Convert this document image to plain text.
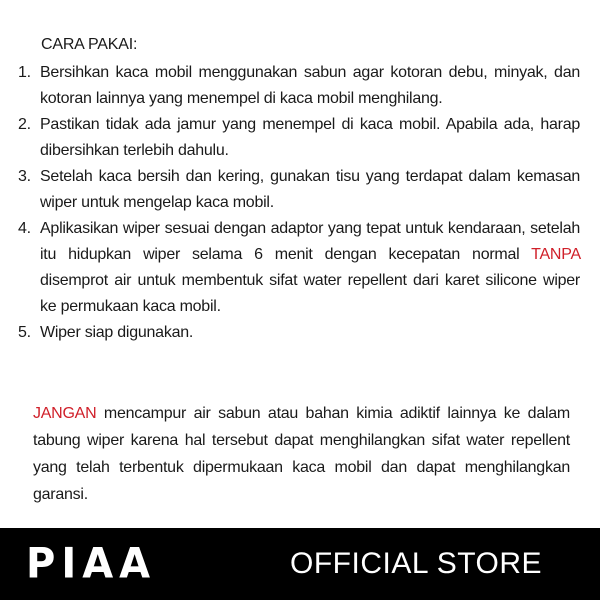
CARA PAKAI:
1. Bersihkan kaca mobil menggunakan sabun agar kotoran debu, minyak, dan kotoran lainnya yang menempel di kaca mobil menghilang.
2. Pastikan tidak ada jamur yang menempel di kaca mobil. Apabila ada, harap dibersihkan terlebih dahulu.
3. Setelah kaca bersih dan kering, gunakan tisu yang terdapat dalam kemasan wiper untuk mengelap kaca mobil.
4. Aplikasikan wiper sesuai dengan adaptor yang tepat untuk kendaraan, setelah itu hidupkan wiper selama 6 menit dengan kecepatan normal TANPA disemprot air untuk membentuk sifat water repellent dari karet silicone wiper ke permukaan kaca mobil.
5. Wiper siap digunakan.
JANGAN mencampur air sabun atau bahan kimia adiktif lainnya ke dalam tabung wiper karena hal tersebut dapat menghilangkan sifat water repellent yang telah terbentuk dipermukaan kaca mobil dan dapat menghilangkan garansi.
PIAA	OFFICIAL STORE
